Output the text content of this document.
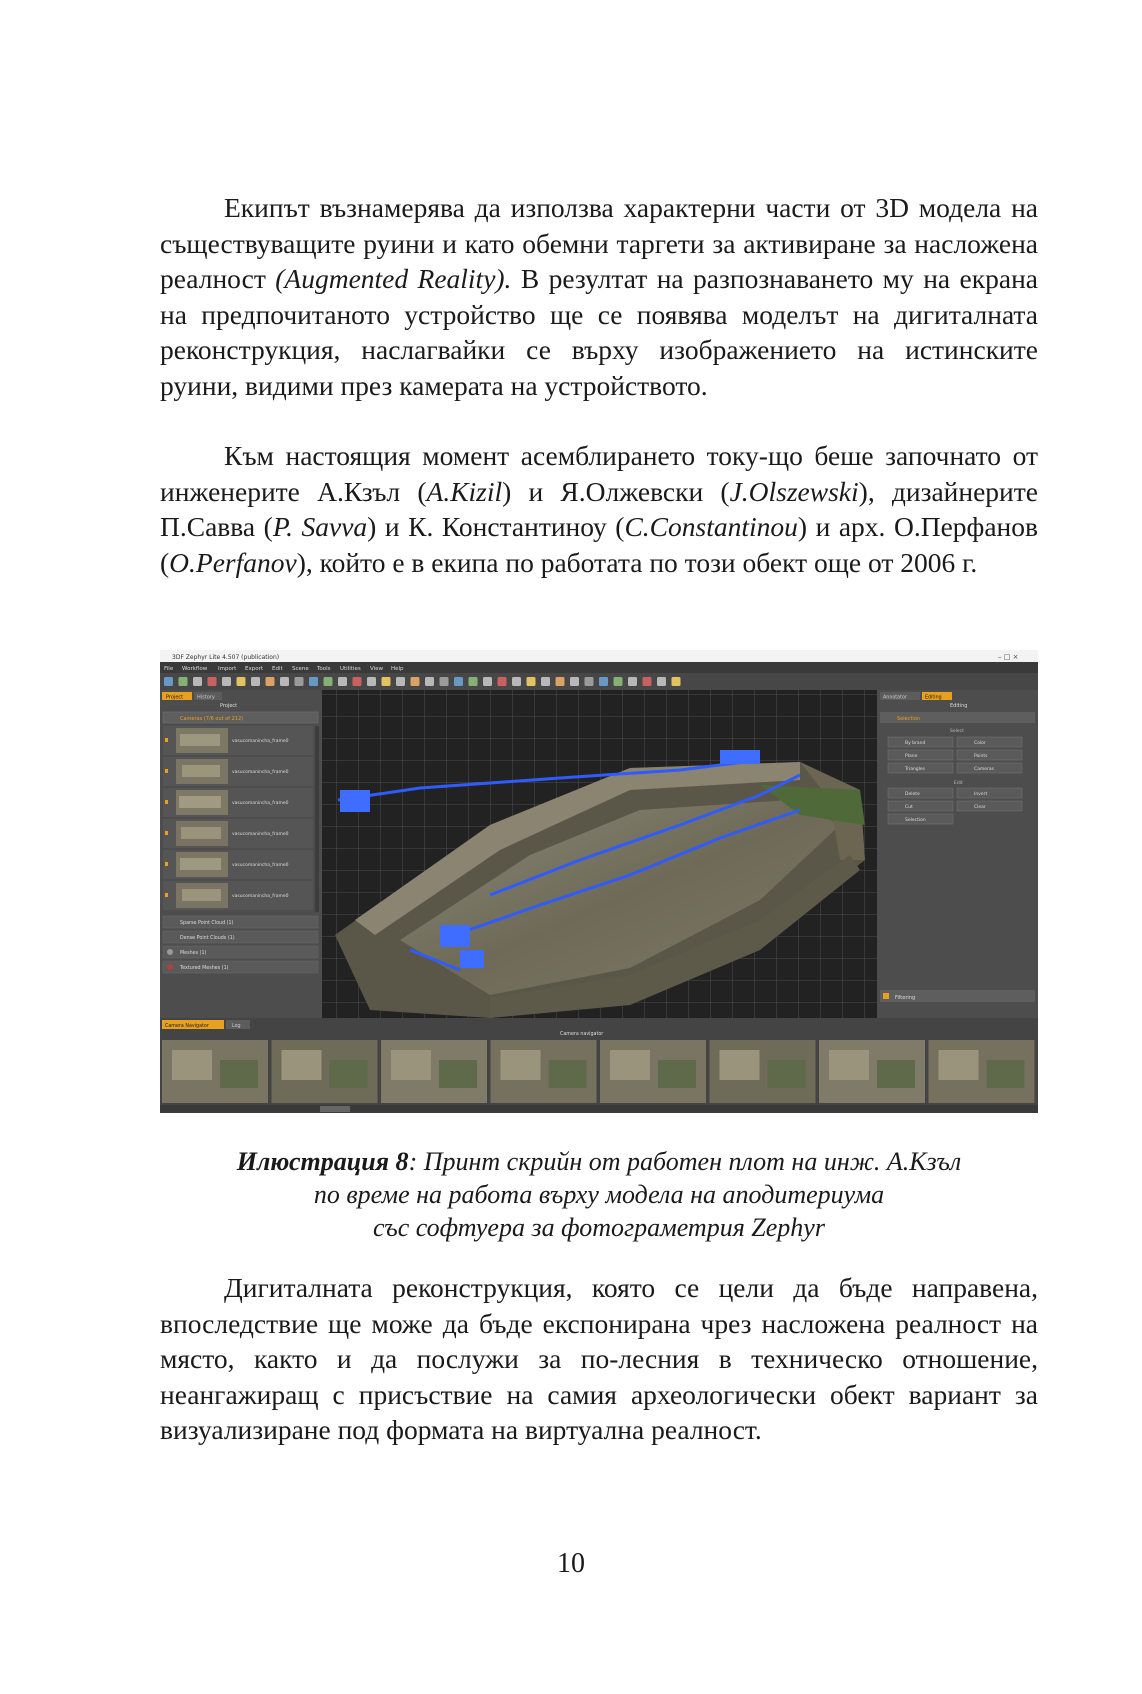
Екипът възнамерява да използва характерни части от 3D модела на съществуващите руини и като обемни таргети за активиране за насложена реалност (Augmented Reality). В резултат на разпознаването му на екрана на предпочитаното устройство ще се появява моделът на дигиталната реконструкция, наслагвайки се върху изображението на истинските руини, видими през камерата на устройството.

Към настоящия момент асемблирането току-що беше започнато от инженерите А.Кзъл (A.Kizil) и Я.Олжевски (J.Olszewski), дизайнерите П.Савва (P. Savva) и К. Константиноу (C.Constantinou) и арх. О.Перфанов (O.Perfanov), който е в екипа по работата по този обект още от 2006 г.

3DF Zephyr Lite 4.507 (publication)	– □ ×
File Workflow Import Export Edit Scene Tools Utilities View Help
Project	History
Project
Cameras (7/6 out of 212)
vasucomanincha_frame0
vasucomanincha_frame0
vasucomanincha_frame0
vasucomanincha_frame0
vasucomanincha_frame0
vasucomanincha_frame0
Sparse Point Cloud (1)
Dense Point Clouds (1)
Meshes (1)
Textured Meshes (1)
Annotator	Editing
Editing
Selection
Select
By brand	Color
Plane	Points
Triangles	Cameras
Edit
Delete	Invert
Cut	Clear
Selection
Filtering
Camera Navigator	Log
Camera navigator
Илюстрация 8: Принт скрийн от работен плот на инж. А.Кзъл
по време на работа върху модела на аподитериума
със софтуера за фотограметрия Zephyr

Дигиталната реконструкция, която се цели да бъде направена, впоследствие ще може да бъде експонирана чрез насложена реалност на място, както и да послужи за по-лесния в техническо отношение, неангажиращ с присъствие на самия археологически обект вариант за визуализиране под формата на виртуална реалност.

10
